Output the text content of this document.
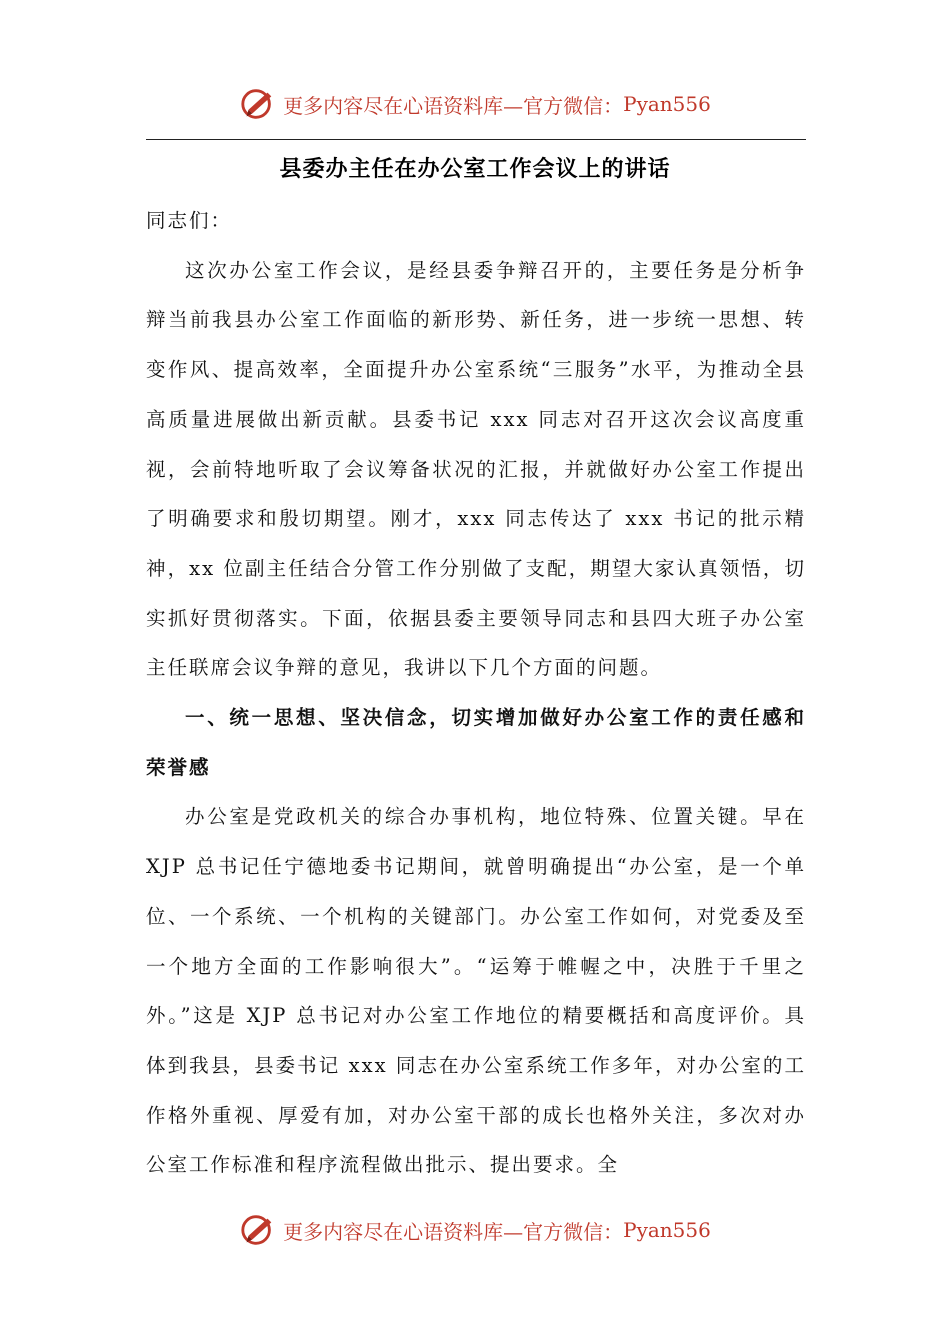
更多内容尽在心语资料库—官方微信： Pyan556
县委办主任在办公室工作会议上的讲话

同志们：

这次办公室工作会议，是经县委争辩召开的，主要任务是分析争辩当前我县办公室工作面临的新形势、新任务，进一步统一思想、转变作风、提高效率，全面提升办公室系统“三服务”水平，为推动全县高质量进展做出新贡献。县委书记 xxx 同志对召开这次会议高度重视，会前特地听取了会议筹备状况的汇报，并就做好办公室工作提出了明确要求和殷切期望。刚才，xxx 同志传达了 xxx 书记的批示精神，xx 位副主任结合分管工作分别做了支配，期望大家认真领悟，切实抓好贯彻落实。下面，依据县委主要领导同志和县四大班子办公室主任联席会议争辩的意见，我讲以下几个方面的问题。

一、统一思想、坚决信念，切实增加做好办公室工作的责任感和荣誉感

办公室是党政机关的综合办事机构，地位特殊、位置关键。早在 XJP 总书记任宁德地委书记期间，就曾明确提出“办公室，是一个单位、一个系统、一个机构的关键部门。办公室工作如何，对党委及至一个地方全面的工作影响很大”。“运筹于帷幄之中，决胜于千里之外。”这是 XJP 总书记对办公室工作地位的精要概括和高度评价。具体到我县，县委书记 xxx 同志在办公室系统工作多年，对办公室的工作格外重视、厚爱有加，对办公室干部的成长也格外关注，多次对办公室工作标准和程序流程做出批示、提出要求。全

更多内容尽在心语资料库—官方微信： Pyan556
